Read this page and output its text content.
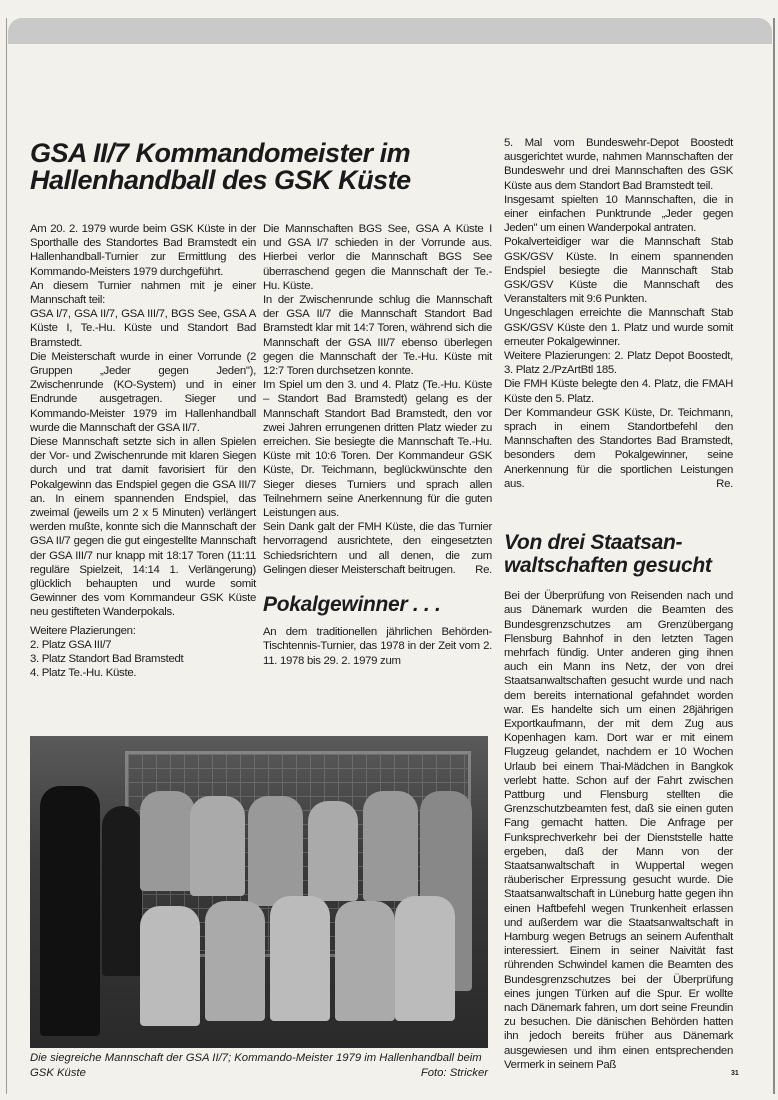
GSA II/7 Kommandomeister im
Hallenhandball des GSK Küste

Am 20. 2. 1979 wurde beim GSK Küste in der Sporthalle des Standortes Bad Bramstedt ein Hallenhandball-Turnier zur Ermittlung des Kommando-Meisters 1979 durchgeführt.

An diesem Turnier nahmen mit je einer Mannschaft teil:

GSA I/7, GSA II/7, GSA III/7, BGS See, GSA A Küste I, Te.-Hu. Küste und Standort Bad Bramstedt.

Die Meisterschaft wurde in einer Vorrunde (2 Gruppen „Jeder gegen Jeden"), Zwischenrunde (KO-System) und in einer Endrunde ausgetragen. Sieger und Kommando-Meister 1979 im Hallenhandball wurde die Mannschaft der GSA II/7.

Diese Mannschaft setzte sich in allen Spielen der Vor- und Zwischenrunde mit klaren Siegen durch und trat damit favorisiert für den Pokalgewinn das Endspiel gegen die GSA III/7 an. In einem spannenden Endspiel, das zweimal (jeweils um 2 x 5 Minuten) verlängert werden mußte, konnte sich die Mannschaft der GSA II/7 gegen die gut eingestellte Mannschaft der GSA III/7 nur knapp mit 18:17 Toren (11:11 reguläre Spielzeit, 14:14 1. Verlängerung) glücklich behaupten und wurde somit Gewinner des vom Kommandeur GSK Küste neu gestifteten Wanderpokals.

Weitere Plazierungen:

2. Platz GSA III/7

3. Platz Standort Bad Bramstedt

4. Platz Te.-Hu. Küste.

Die Mannschaften BGS See, GSA A Küste I und GSA I/7 schieden in der Vorrunde aus. Hierbei verlor die Mannschaft BGS See überraschend gegen die Mannschaft der Te.-Hu. Küste.

In der Zwischenrunde schlug die Mannschaft der GSA II/7 die Mannschaft Standort Bad Bramstedt klar mit 14:7 Toren, während sich die Mannschaft der GSA III/7 ebenso überlegen gegen die Mannschaft der Te.-Hu. Küste mit 12:7 Toren durchsetzen konnte.

Im Spiel um den 3. und 4. Platz (Te.-Hu. Küste – Standort Bad Bramstedt) gelang es der Mannschaft Standort Bad Bramstedt, den vor zwei Jahren errungenen dritten Platz wieder zu erreichen. Sie besiegte die Mannschaft Te.-Hu. Küste mit 10:6 Toren. Der Kommandeur GSK Küste, Dr. Teichmann, beglückwünschte den Sieger dieses Turniers und sprach allen Teilnehmern seine Anerkennung für die guten Leistungen aus.

Sein Dank galt der FMH Küste, die das Turnier hervorragend ausrichtete, den eingesetzten Schiedsrichtern und all denen, die zum Gelingen dieser Meisterschaft beitrugen.	Re.

Pokalgewinner . . .

An dem traditionellen jährlichen Behörden-Tischtennis-Turnier, das 1978 in der Zeit vom 2. 11. 1978 bis 29. 2. 1979 zum

5. Mal vom Bundeswehr-Depot Boostedt ausgerichtet wurde, nahmen Mannschaften der Bundeswehr und drei Mannschaften des GSK Küste aus dem Standort Bad Bramstedt teil.

Insgesamt spielten 10 Mannschaften, die in einer einfachen Punktrunde „Jeder gegen Jeden" um einen Wanderpokal antraten.

Pokalverteidiger war die Mannschaft Stab GSK/GSV Küste. In einem spannenden Endspiel besiegte die Mannschaft Stab GSK/GSV Küste die Mannschaft des Veranstalters mit 9:6 Punkten.

Ungeschlagen erreichte die Mannschaft Stab GSK/GSV Küste den 1. Platz und wurde somit erneuter Pokalgewinner.

Weitere Plazierungen: 2. Platz Depot Boostedt, 3. Platz 2./PzArtBtl 185.

Die FMH Küste belegte den 4. Platz, die FMAH Küste den 5. Platz.

Der Kommandeur GSK Küste, Dr. Teichmann, sprach in einem Standortbefehl den Mannschaften des Standortes Bad Bramstedt, besonders dem Pokalgewinner, seine Anerkennung für die sportlichen Leistungen aus.	Re.

Von drei Staatsan-
waltschaften gesucht

Bei der Überprüfung von Reisenden nach und aus Dänemark wurden die Beamten des Bundesgrenzschutzes am Grenzübergang Flensburg Bahnhof in den letzten Tagen mehrfach fündig. Unter anderen ging ihnen auch ein Mann ins Netz, der von drei Staatsanwaltschaften gesucht wurde und nach dem bereits international gefahndet worden war. Es handelte sich um einen 28jährigen Exportkaufmann, der mit dem Zug aus Kopenhagen kam. Dort war er mit einem Flugzeug gelandet, nachdem er 10 Wochen Urlaub bei einem Thai-Mädchen in Bangkok verlebt hatte. Schon auf der Fahrt zwischen Pattburg und Flensburg stellten die Grenzschutzbeamten fest, daß sie einen guten Fang gemacht hatten. Die Anfrage per Funksprechverkehr bei der Dienststelle hatte ergeben, daß der Mann von der Staatsanwaltschaft in Wuppertal wegen räuberischer Erpressung gesucht wurde. Die Staatsanwaltschaft in Lüneburg hatte gegen ihn einen Haftbefehl wegen Trunkenheit erlassen und außerdem war die Staatsanwaltschaft in Hamburg wegen Betrugs an seinem Aufenthalt interessiert. Einem in seiner Naivität fast rührenden Schwindel kamen die Beamten des Bundesgrenzschutzes bei der Überprüfung eines jungen Türken auf die Spur. Er wollte nach Dänemark fahren, um dort seine Freundin zu besuchen. Die dänischen Behörden hatten ihn jedoch bereits früher aus Dänemark ausgewiesen und ihm einen entsprechenden Vermerk in seinem Paß

Die siegreiche Mannschaft der GSA II/7; Kommando-Meister 1979 im Hallenhandball beim GSK Küste	Foto: Stricker	31
